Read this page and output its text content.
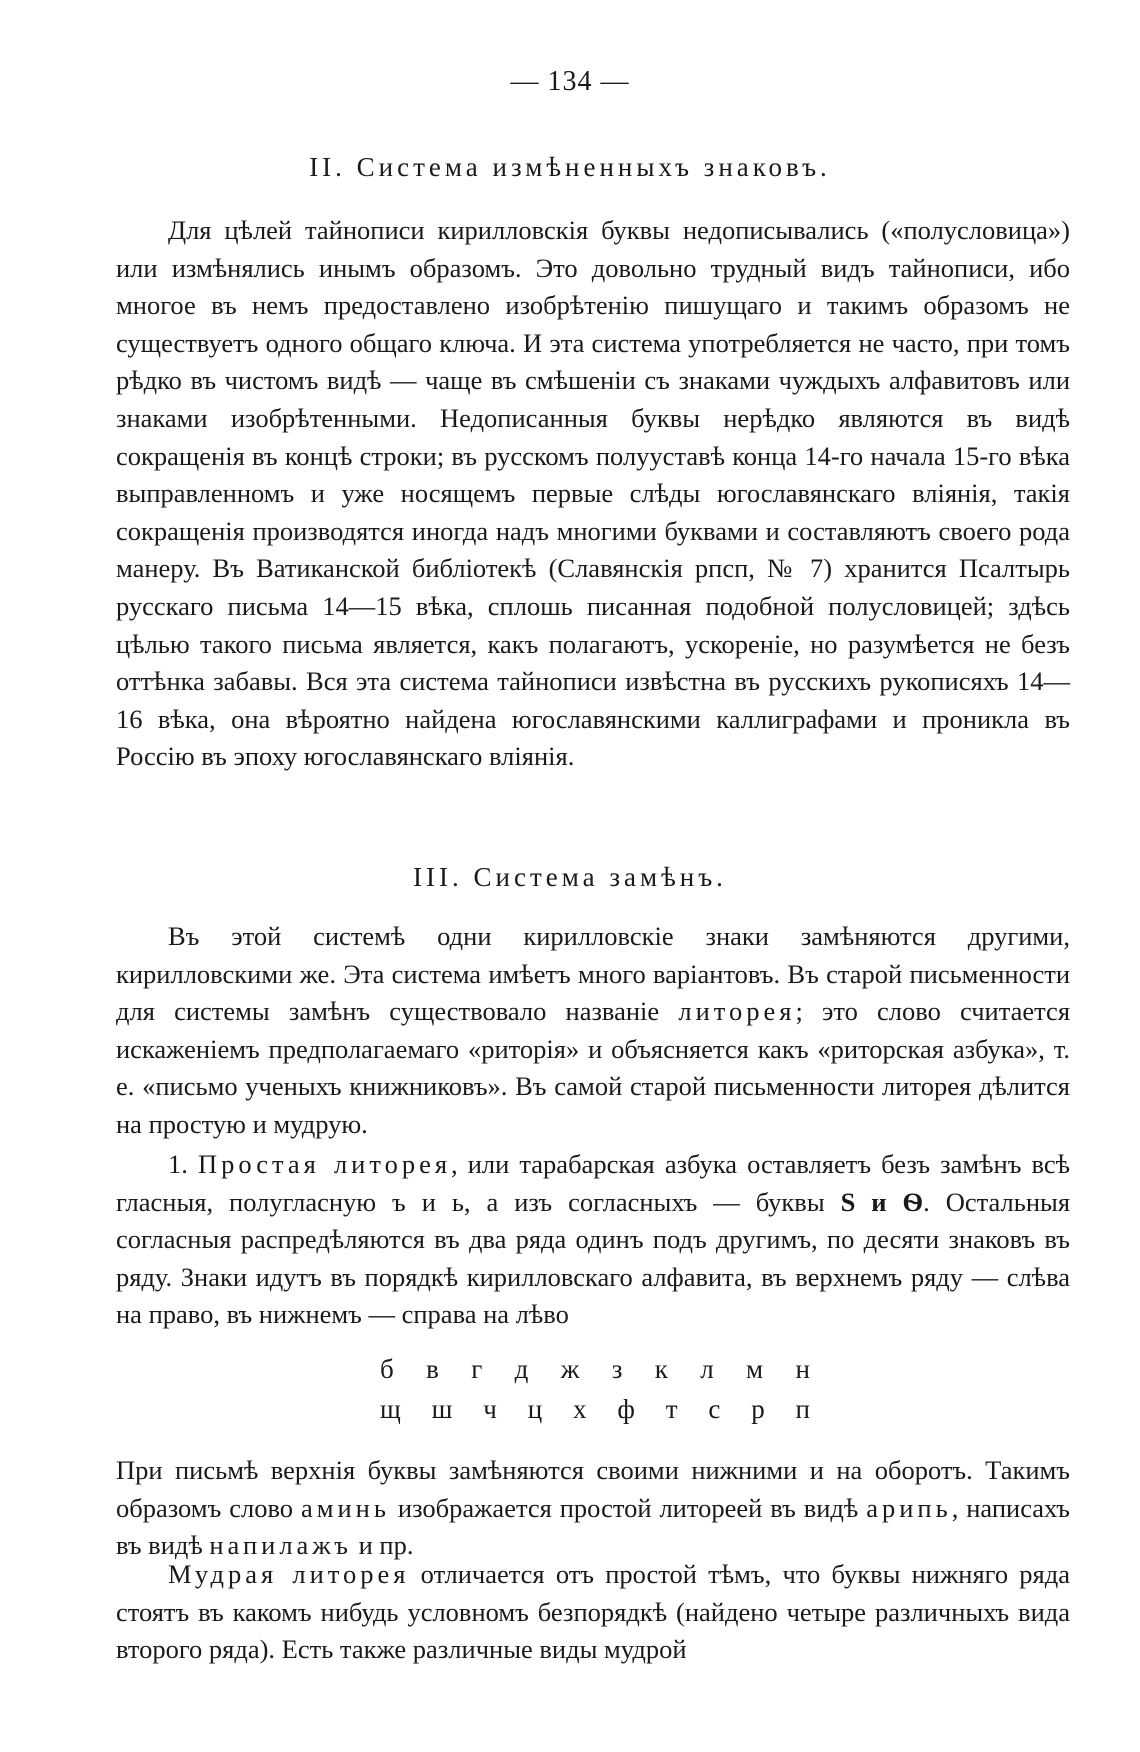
— 134 —
II. Система измѣненныхъ знаковъ.

Для цѣлей тайнописи кирилловскія буквы недописывались («полусловица») или измѣнялись инымъ образомъ. Это довольно трудный видъ тайнописи, ибо многое въ немъ предоставлено изобрѣтенію пишущаго и такимъ образомъ не существуетъ одного общаго ключа. И эта система употребляется не часто, при томъ рѣдко въ чистомъ видѣ — чаще въ смѣшеніи съ знаками чуждыхъ алфавитовъ или знаками изобрѣтенными. Недописанныя буквы нерѣдко являются въ видѣ сокращенія въ концѣ строки; въ русскомъ полууставѣ конца 14-го начала 15-го вѣка выправленномъ и уже носящемъ первые слѣды югославянскаго вліянія, такія сокращенія производятся иногда надъ многими буквами и составляютъ своего рода манеру. Въ Ватиканской библіотекѣ (Славянскія рпсп, № 7) хранится Псалтырь русскаго письма 14—15 вѣка, сплошь писанная подобной полусловицей; здѣсь цѣлью такого письма является, какъ полагаютъ, ускореніе, но разумѣется не безъ оттѣнка забавы. Вся эта система тайнописи извѣстна въ русскихъ рукописяхъ 14—16 вѣка, она вѣроятно найдена югославянскими каллиграфами и проникла въ Россію въ эпоху югославянскаго вліянія.

III. Система замѣнъ.

Въ этой системѣ одни кирилловскіе знаки замѣняются другими, кирилловскими же. Эта система имѣетъ много варіантовъ. Въ старой письменности для системы замѣнъ существовало названіе литорея; это слово считается искаженіемъ предполагаемаго «риторія» и объясняется какъ «риторская азбука», т. е. «письмо ученыхъ книжниковъ». Въ самой старой письменности литорея дѣлится на простую и мудрую.

1. Простая литорея, или тарабарская азбука оставляетъ безъ замѣнъ всѣ гласныя, полугласную ъ и ь, а изъ согласныхъ — буквы Ѕ и Ѳ. Остальныя согласныя распредѣляются въ два ряда одинъ подъ другимъ, по десяти знаковъ въ ряду. Знаки идутъ въ порядкѣ кирилловскаго алфавита, въ верхнемъ ряду — слѣва на право, въ нижнемъ — справа на лѣво

б в г д ж з к л м н
щ ш ч ц х ф т с р п

При письмѣ верхнія буквы замѣняются своими нижними и на оборотъ. Такимъ образомъ слово аминь изображается простой литореей въ видѣ арипь, написахъ въ видѣ напилажъ и пр.

Мудрая литорея отличается отъ простой тѣмъ, что буквы нижняго ряда стоятъ въ какомъ нибудь условномъ безпорядкѣ (найдено четыре различныхъ вида второго ряда). Есть также различные виды мудрой
